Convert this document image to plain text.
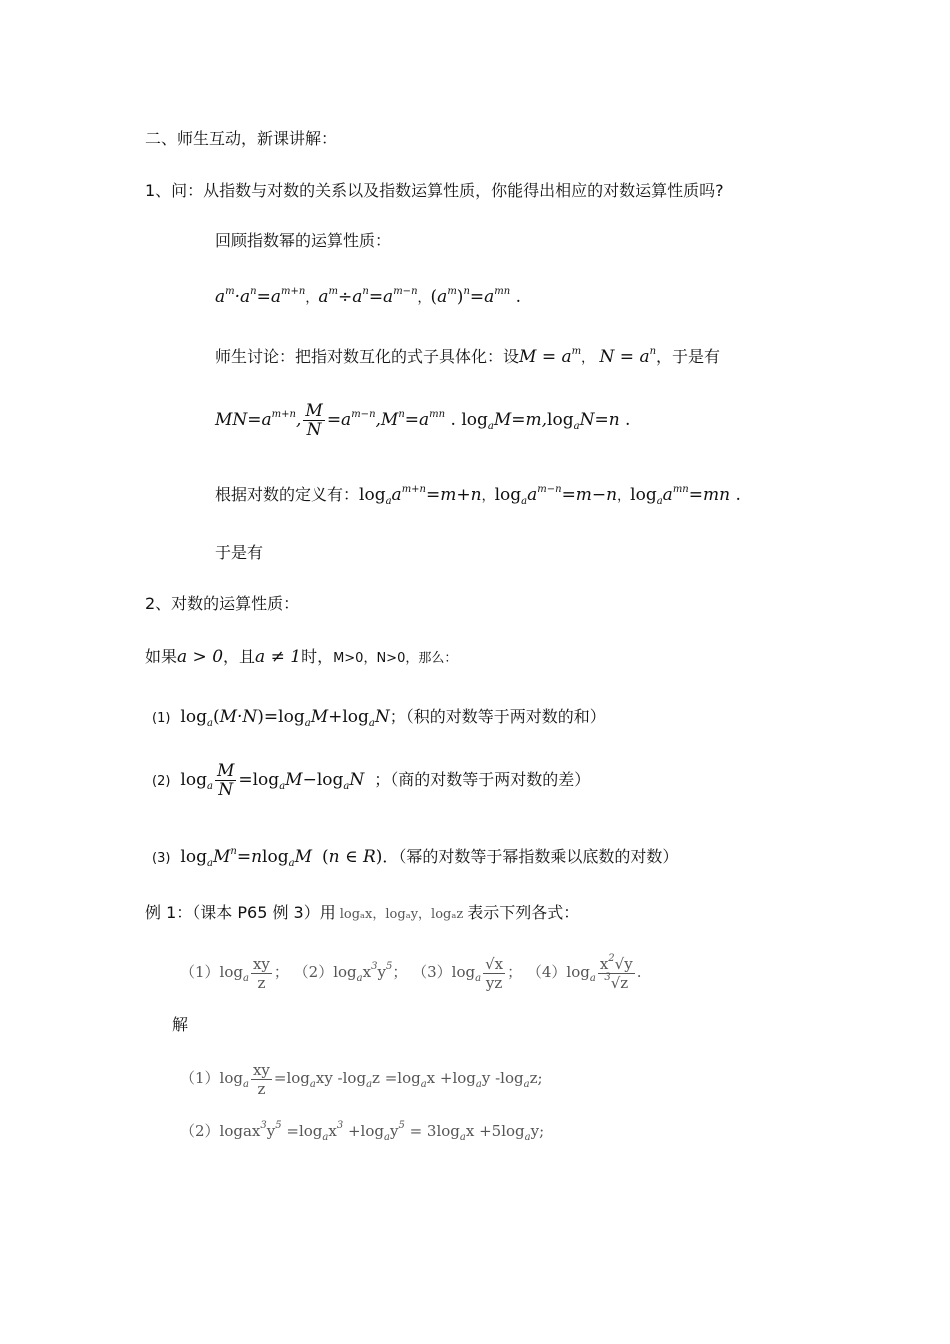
二、师生互动，新课讲解：
1、问：从指数与对数的关系以及指数运算性质，你能得出相应的对数运算性质吗?
回顾指数幂的运算性质：
$a^m\cdot a^n=a^{m+n}$，$a^m\div a^n=a^{m-n}$，$(a^m)^n=a^{mn}$ .
师生讨论：把指对数互化的式子具体化：设$M = a^m$， $N = a^n$，于是有
$MN=a^{m+n}$, $\frac{M}{N} =a^{m-n},M^n=a^{mn}$ . $\log_aM=m,\log_aN=n$ .
根据对数的定义有：$\log_aa^{m+n}=m+n$，$\log_aa^{m-n}=m-n$，$\log_aa^{mn}=mn$ .
于是有
2、对数的运算性质：
如果a > 0，且a ≠ 1时，M>0，N>0，那么：
(1) $\log_a(M\cdot N)=\log_aM+\log_aN$；（积的对数等于两对数的和）
(2) $\log_a \frac{M}{N} =\log_aM-\log_aN$ ；（商的对数等于两对数的差）
(3) $\log_aM^n=nlog_aM$ (n ∈ R)．（幂的对数等于幂指数乘以底数的对数）
例 1：（课本 P65 例 3）用 logₐx，logₐy，logₐz 表示下列各式：
$(1)\log_a \frac{xy}{z}$ ； $(2)\log_ax^3y^5$； $(3)\log_a \frac{√x}{yz}$ ； $(4)\log_a \frac{x^2√y}{^3√z}$ .
解
$(1)\log_a \frac{xy}{z} =\log_axy$ $-\log_az =\log_ax +\log_ay$ $-\log_az$;
$(2)logax^3y^5 =\log_ax^3 +\log_ay^5 = 3\log_ax +5\log_ay$;
